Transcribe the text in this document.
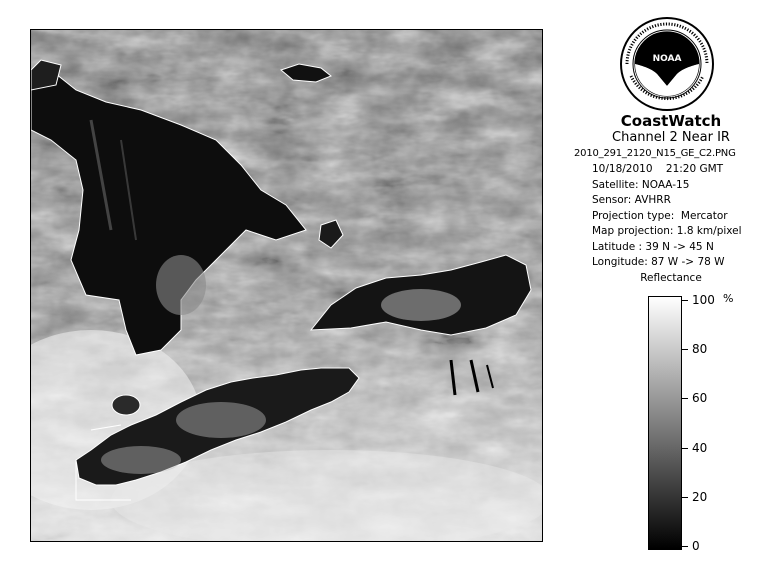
NOAA
CoastWatch
Channel 2 Near IR
2010_291_2120_N15_GE_C2.PNG
10/18/2010 21:20 GMT
Satellite: NOAA-15
Sensor: AVHRR
Projection type:  Mercator
Map projection: 1.8 km/pixel
Latitude : 39 N -> 45 N
Longitude: 87 W -> 78 W
Reflectance
%
0
20
40
60
80
100
